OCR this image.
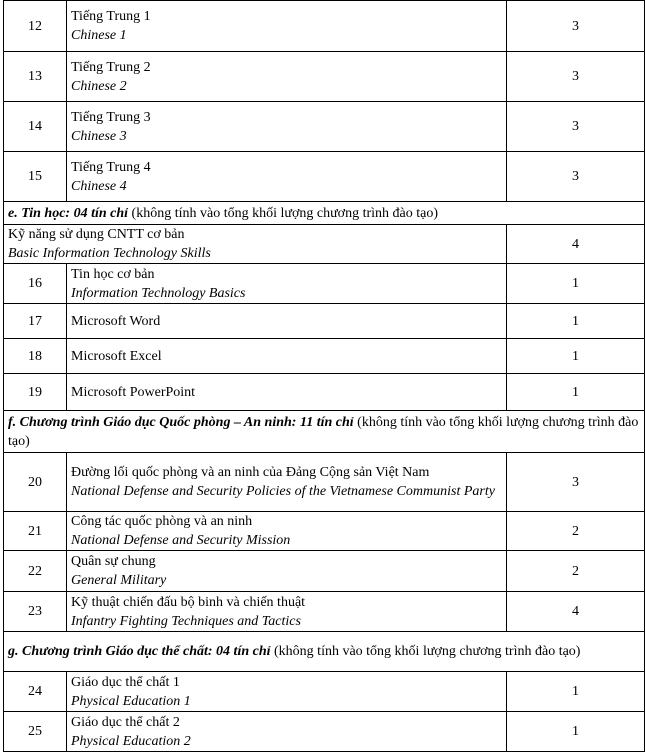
12	Tiếng Trung 1
Chinese 1	3
13	Tiếng Trung 2
Chinese 2	3
14	Tiếng Trung 3
Chinese 3	3
15	Tiếng Trung 4
Chinese 4	3
e. Tin học: 04 tín chỉ (không tính vào tổng khối lượng chương trình đào tạo)		

Kỹ năng sử dụng CNTT cơ bản
Basic Information Technology Skills		4
16	Tin học cơ bản
Information Technology Basics	1
17	Microsoft Word	1
18	Microsoft Excel	1
19	Microsoft PowerPoint	1
f. Chương trình Giáo dục Quốc phòng – An ninh: 11 tín chỉ (không tính vào tổng khối lượng chương trình đào tạo)		
20	Đường lối quốc phòng và an ninh của Đảng Cộng sản Việt Nam
National Defense and Security Policies of the Vietnamese Communist Party	3
21	Công tác quốc phòng và an ninh
National Defense and Security Mission	2
22	Quân sự chung
General Military	2
23	Kỹ thuật chiến đấu bộ binh và chiến thuật
Infantry Fighting Techniques and Tactics	4
g. Chương trình Giáo dục thể chất: 04 tín chỉ (không tính vào tổng khối lượng chương trình đào tạo)		
24	Giáo dục thể chất 1
Physical Education 1	1
25	Giáo dục thể chất 2
Physical Education 2	1
